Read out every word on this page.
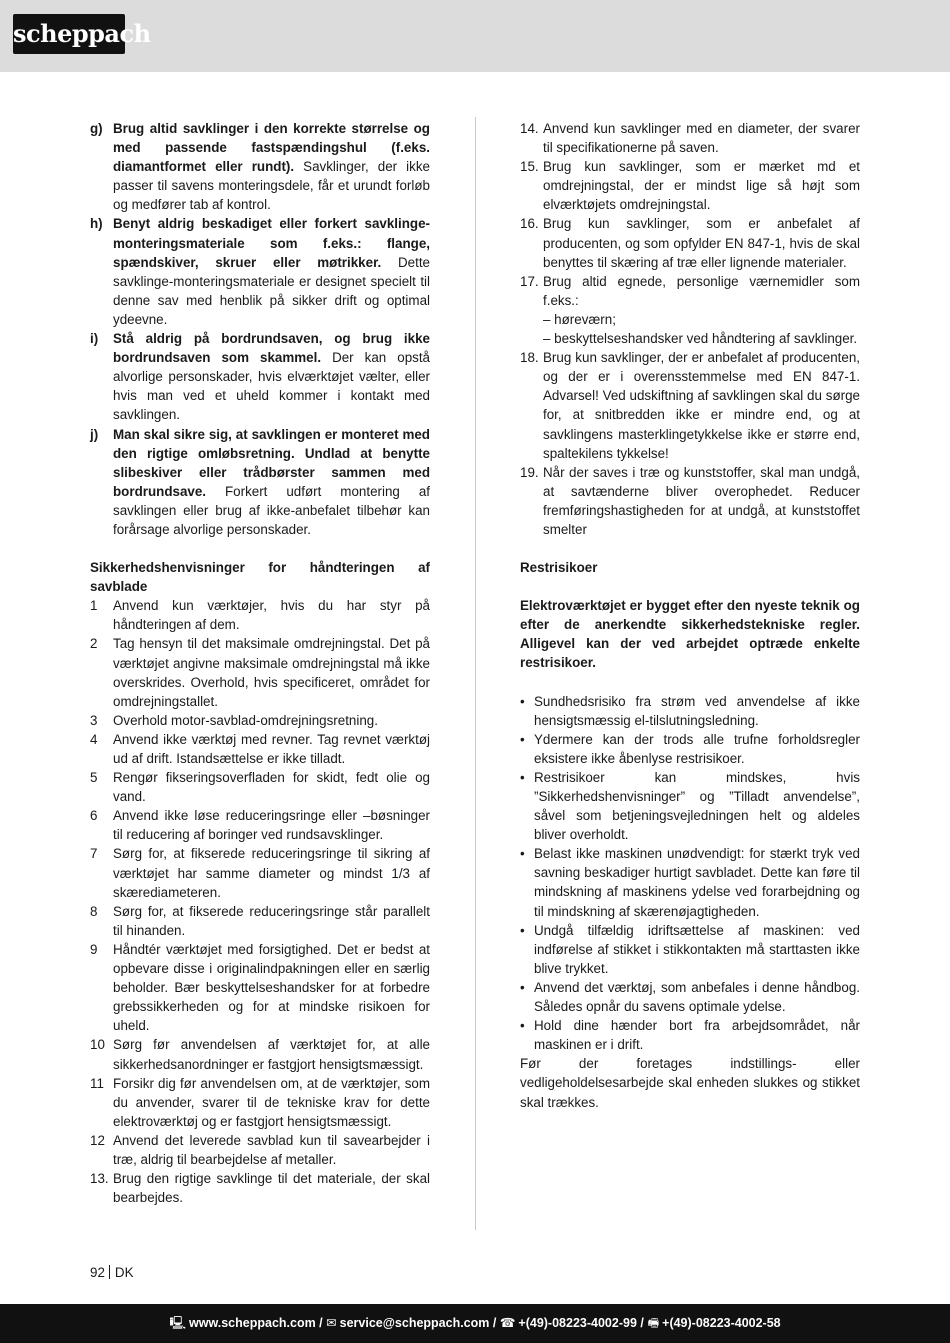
scheppach
g) Brug altid savklinger i den korrekte størrelse og med passende fastspændingshul (f.eks. diamantformet eller rundt). Savklinger, der ikke passer til savens monteringsdele, får et urundt forløb og medfører tab af kontrol.
h) Benyt aldrig beskadiget eller forkert savklinge-monteringsmateriale som f.eks.: flange, spændskiver, skruer eller møtrikker. Dette savklinge-monteringsmateriale er designet specielt til denne sav med henblik på sikker drift og optimal ydeevne.
i)	Stå aldrig på bordrundsaven, og brug ikke bordrundsaven som skammel. Der kan opstå alvorlige personskader, hvis elværktøjet vælter, eller hvis man ved et uheld kommer i kontakt med savklingen.
j)	Man skal sikre sig, at savklingen er monteret med den rigtige omløbsretning. Undlad at benytte slibeskiver eller trådbørster sammen med bordrundsave. Forkert udført montering af savklingen eller brug af ikke-anbefalet tilbehør kan forårsage alvorlige personskader.
Sikkerhedshenvisninger for håndteringen af savblade
1	Anvend kun værktøjer, hvis du har styr på håndteringen af dem.
2	Tag hensyn til det maksimale omdrejningstal. Det på værktøjet angivne maksimale omdrejningstal må ikke overskrides. Overhold, hvis specificeret, området for omdrejningstallet.
3	Overhold motor-savblad-omdrejningsretning.
4	Anvend ikke værktøj med revner. Tag revnet værktøj ud af drift. Istandsættelse er ikke tilladt.
5	Rengør fikseringsoverfladen for skidt, fedt olie og vand.
6	Anvend ikke løse reduceringsringe eller –bøsninger til reducering af boringer ved rundsavsklinger.
7	Sørg for, at fikserede reduceringsringe til sikring af værktøjet har samme diameter og mindst 1/3 af skærediameteren.
8	Sørg for, at fikserede reduceringsringe står parallelt til hinanden.
9	Håndtér værktøjet med forsigtighed. Det er bedst at opbevare disse i originalindpakningen eller en særlig beholder. Bær beskyttelseshandsker for at forbedre grebssikkerheden og for at mindske risikoen for uheld.
10 Sørg før anvendelsen af værktøjet for, at alle sikkerhedsanordninger er fastgjort hensigtsmæssigt.
11 Forsikr dig før anvendelsen om, at de værktøjer, som du anvender, svarer til de tekniske krav for dette elektroværktøj og er fastgjort hensigtsmæssigt.
12 Anvend det leverede savblad kun til savearbejder i træ, aldrig til bearbejdelse af metaller.
13. Brug den rigtige savklinge til det materiale, der skal bearbejdes.
14. Anvend kun savklinger med en diameter, der svarer til specifikationerne på saven.
15. Brug kun savklinger, som er mærket md et omdrejningstal, der er mindst lige så højt som elværktøjets omdrejningstal.
16. Brug kun savklinger, som er anbefalet af producenten, og som opfylder EN 847-1, hvis de skal benyttes til skæring af træ eller lignende materialer.
17. Brug altid egnede, personlige værnemidler som f.eks.:
– høreværn;
– beskyttelseshandsker ved håndtering af savklinger.
18. Brug kun savklinger, der er anbefalet af producenten, og der er i overensstemmelse med EN 847-1. Advarsel! Ved udskiftning af savklingen skal du sørge for, at snitbredden ikke er mindre end, og at savklingens masterklingetykkelse ikke er større end, spaltekilens tykkelse!
19. Når der saves i træ og kunststoffer, skal man undgå, at savtænderne bliver overophedet. Reducer fremføringshastigheden for at undgå, at kunststoffet smelter
Restrisikoer
Elektroværktøjet er bygget efter den nyeste teknik og efter de anerkendte sikkerhedstekniske regler. Alligevel kan der ved arbejdet optræde enkelte restrisikoer.
• Sundhedsrisiko fra strøm ved anvendelse af ikke hensigtsmæssig el-tilslutningsledning.
• Ydermere kan der trods alle trufne forholdsregler eksistere ikke åbenlyse restrisikoer.
• Restrisikoer kan mindskes, hvis ”Sikkerhedshenvisninger” og ”Tilladt anvendelse”, såvel som betjeningsvejledningen helt og aldeles bliver overholdt.
• Belast ikke maskinen unødvendigt: for stærkt tryk ved savning beskadiger hurtigt savbladet. Dette kan føre til mindskning af maskinens ydelse ved forarbejdning og til mindskning af skærenøjagtigheden.
• Undgå tilfældig idriftsættelse af maskinen: ved indførelse af stikket i stikkontakten må starttasten ikke blive trykket.
• Anvend det værktøj, som anbefales i denne håndbog. Således opnår du savens optimale ydelse.
• Hold dine hænder bort fra arbejdsområdet, når maskinen er i drift.
Før der foretages indstillings- eller vedligeholdelsesarbejde skal enheden slukkes og stikket skal trækkes.
92 DK
🖳 www.scheppach.com / ✉ service@scheppach.com / ☎ +(49)-08223-4002-99 / 🖷 +(49)-08223-4002-58
